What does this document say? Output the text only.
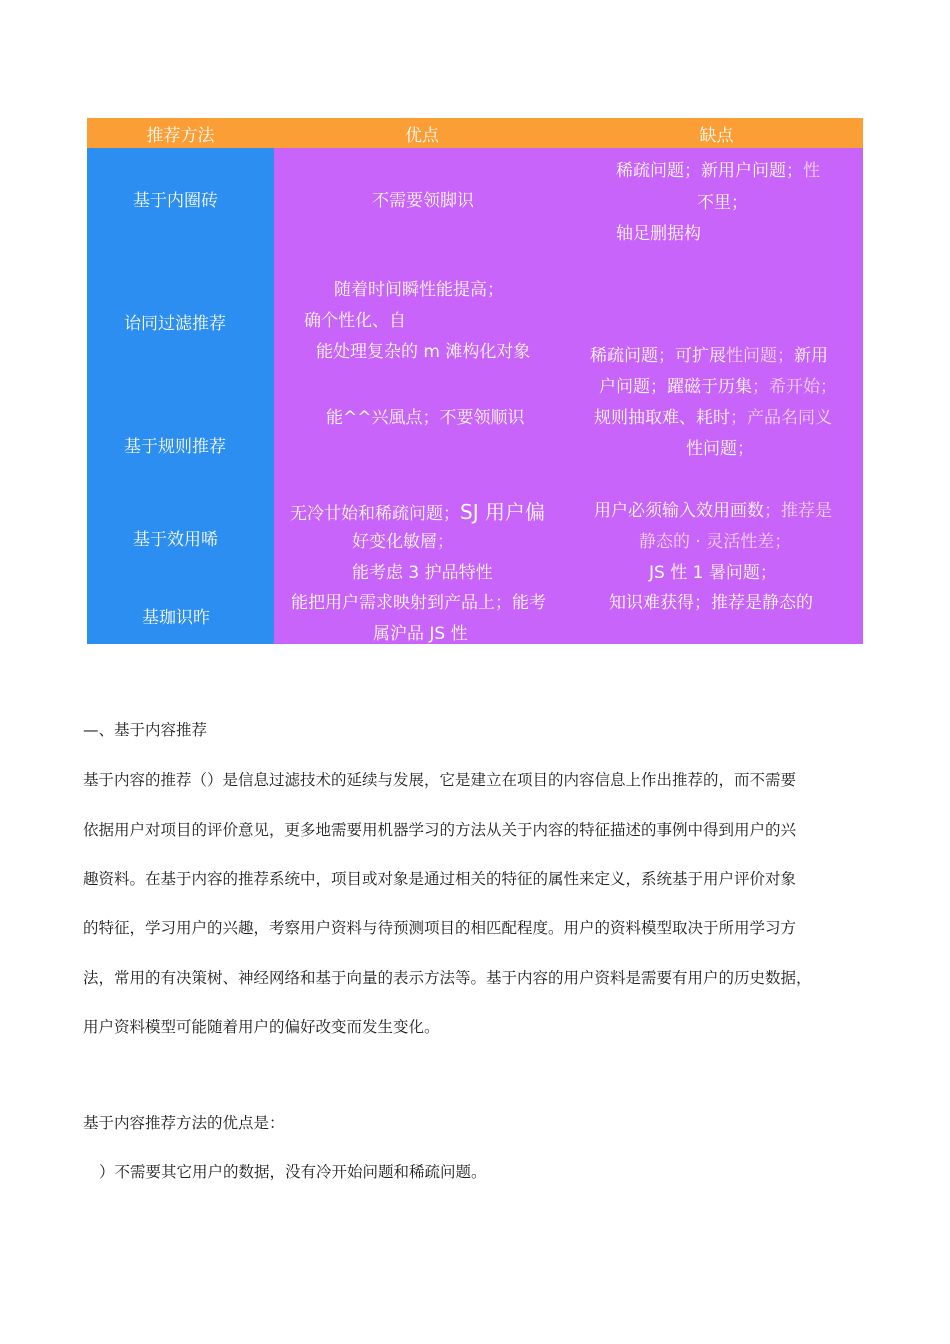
推荐方法	优点	缺点
基于内圈砖
诒同过滤推荐
基于规则推荐
基于效用唏
基珈识昨
不需要领脚识
稀疏问题；新用户问题；性
不里；
轴足删据构
随着时间瞬性能提高；
确个性化、自
能处理复杂的 m 滩构化对象
能^^兴風点；不要领顺识
稀疏问题；可扩展性问题；新用
户问题；躍磁于历集；希开始；
规则抽取难、耗时；产品名同义
性问题；
无冷廿始和稀疏问题；SJ 用户偏
好变化敏層；
能考虑 3 护品特性
用户必须输入效用画数；推荐是
静态的 · 灵活性差；
JS 性 1 暑问题；
能把用户需求映射到产品上；能考
属沪品 JS 性
知识难获得；推荐是静态的
—、基于内容推荐
基于内容的推荐（）是信息过滤技术的延续与发展，它是建立在项目的内容信息上作出推荐的，而不需要
依据用户对项目的评价意见，更多地需要用机器学习的方法从关于内容的特征描述的事例中得到用户的兴
趣资料。在基于内容的推荐系统中，项目或对象是通过相关的特征的属性来定义，系统基于用户评价对象
的特征，学习用户的兴趣，考察用户资料与待预测项目的相匹配程度。用户的资料模型取决于所用学习方
法，常用的有决策树、神经网络和基于向量的表示方法等。基于内容的用户资料是需要有用户的历史数据，
用户资料模型可能随着用户的偏好改变而发生变化。
基于内容推荐方法的优点是：
）不需要其它用户的数据，没有冷开始问题和稀疏问题。
